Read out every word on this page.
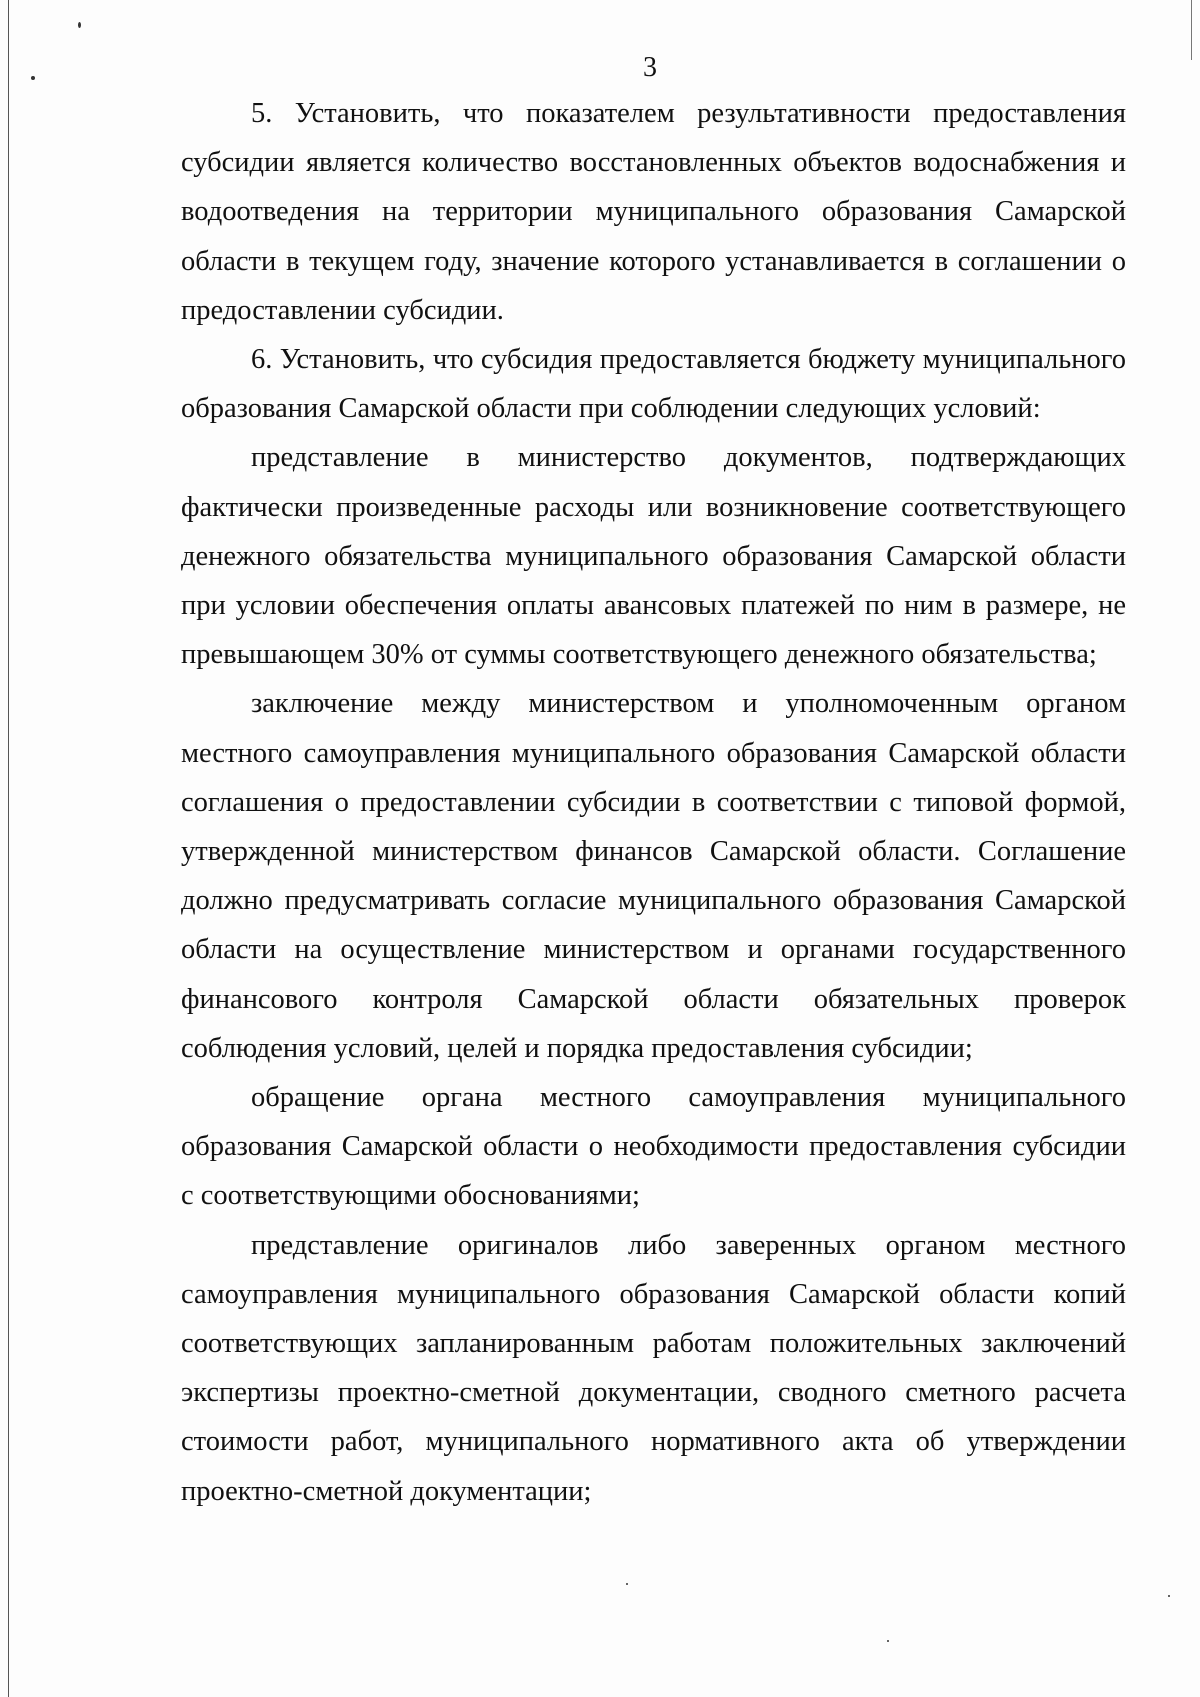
3

5. Установить, что показателем результативности предоставления субсидии является количество восстановленных объектов водоснабжения и водоотведения на территории муниципального образования Самарской области в текущем году, значение которого устанавливается в соглашении о предоставлении субсидии.

6. Установить, что субсидия предоставляется бюджету муниципального образования Самарской области при соблюдении следующих условий:

представление в министерство документов, подтверждающих фактически произведенные расходы или возникновение соответствующего денежного обязательства муниципального образования Самарской области при условии обеспечения оплаты авансовых платежей по ним в размере, не превышающем 30% от суммы соответствующего денежного обязательства;

заключение между министерством и уполномоченным органом местного самоуправления муниципального образования Самарской области соглашения о предоставлении субсидии в соответствии с типовой формой, утвержденной министерством финансов Самарской области. Соглашение должно предусматривать согласие муниципального образования Самарской области на осуществление министерством и органами государственного финансового контроля Самарской области обязательных проверок соблюдения условий, целей и порядка предоставления субсидии;

обращение органа местного самоуправления муниципального образования Самарской области о необходимости предоставления субсидии с соответствующими обоснованиями;

представление оригиналов либо заверенных органом местного самоуправления муниципального образования Самарской области копий соответствующих запланированным работам положительных заключений экспертизы проектно-сметной документации, сводного сметного расчета стоимости работ, муниципального нормативного акта об утверждении проектно-сметной документации;
